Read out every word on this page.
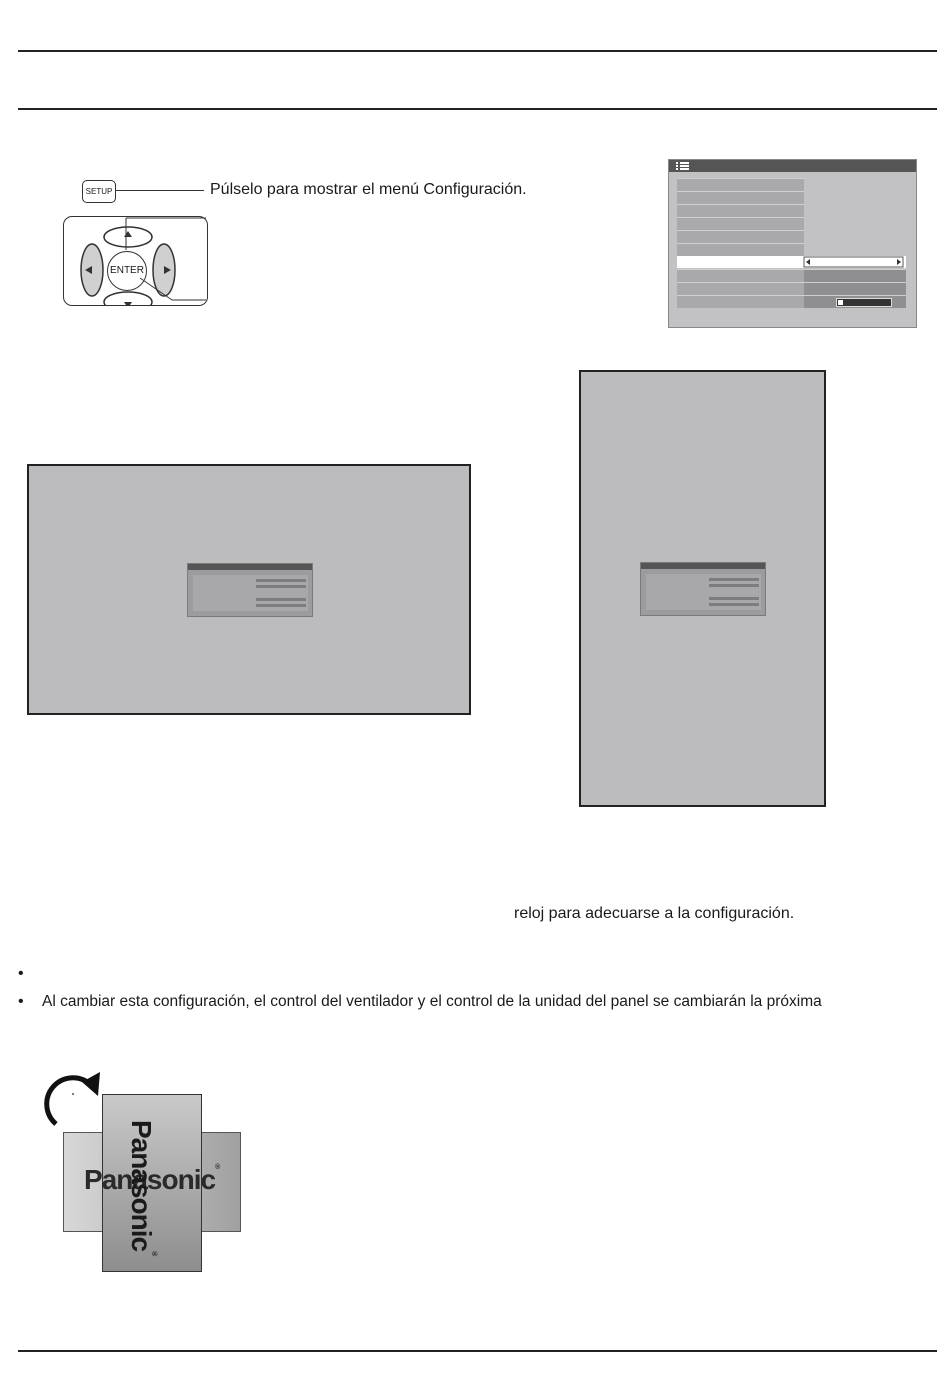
SETUP	Púlselo para mostrar el menú Configuración.
ENTER
reloj para adecuarse a la configuración.
•
• Al cambiar esta configuración, el control del ventilador y el control de la unidad del panel se cambiarán la próxima
Panasonic®
Panasonic®
